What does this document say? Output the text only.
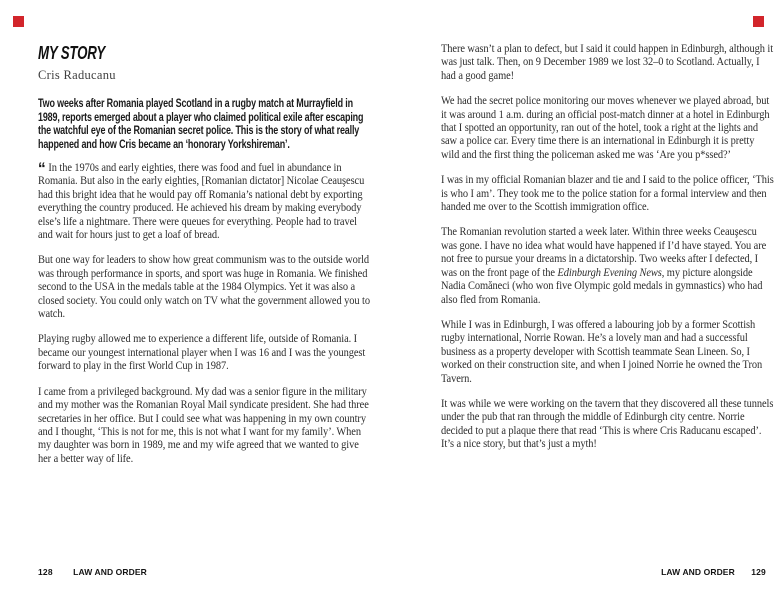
MY STORY
Cris Raducanu

Two weeks after Romania played Scotland in a rugby match at Murrayfield in 1989, reports emerged about a player who claimed political exile after escaping the watchful eye of the Romanian secret police. This is the story of what really happened and how Cris became an ‘honorary Yorkshireman’.

“ In the 1970s and early eighties, there was food and fuel in abundance in Romania. But also in the early eighties, [Romanian dictator] Nicolae Ceauşescu had this bright idea that he would pay off Romania’s national debt by exporting everything the country produced. He achieved his dream by making everybody else’s life a nightmare. There were queues for everything. People had to travel and wait for hours just to get a loaf of bread.

But one way for leaders to show how great communism was to the outside world was through performance in sports, and sport was huge in Romania. We finished second to the USA in the medals table at the 1984 Olympics. Yet it was also a closed society. You could only watch on TV what the government allowed you to watch.

Playing rugby allowed me to experience a different life, outside of Romania. I became our youngest international player when I was 16 and I was the youngest forward to play in the first World Cup in 1987.

I came from a privileged background. My dad was a senior figure in the military and my mother was the Romanian Royal Mail syndicate president. She had three secretaries in her office. But I could see what was happening in my own country and I thought, ‘This is not for me, this is not what I want for my family’. When my daughter was born in 1989, me and my wife agreed that we wanted to give her a better way of life.

There wasn’t a plan to defect, but I said it could happen in Edinburgh, although it was just talk. Then, on 9 December 1989 we lost 32–0 to Scotland. Actually, I had a good game!

We had the secret police monitoring our moves whenever we played abroad, but it was around 1 a.m. during an official post-match dinner at a hotel in Edinburgh that I spotted an opportunity, ran out of the hotel, took a right at the lights and saw a police car. Every time there is an international in Edinburgh it is pretty wild and the first thing the policeman asked me was ‘Are you p*ssed?’

I was in my official Romanian blazer and tie and I said to the police officer, ‘This is who I am’. They took me to the police station for a formal interview and then handed me over to the Scottish immigration office.

The Romanian revolution started a week later. Within three weeks Ceauşescu was gone. I have no idea what would have happened if I’d have stayed. You are not free to pursue your dreams in a dictatorship. Two weeks after I defected, I was on the front page of the Edinburgh Evening News, my picture alongside Nadia Comăneci (who won five Olympic gold medals in gymnastics) who had also fled from Romania.

While I was in Edinburgh, I was offered a labouring job by a former Scottish rugby international, Norrie Rowan. He’s a lovely man and had a successful business as a property developer with Scottish teammate Sean Lineen. So, I worked on their construction site, and when I joined Norrie he owned the Tron Tavern.

It was while we were working on the tavern that they discovered all these tunnels under the pub that ran through the middle of Edinburgh city centre. Norrie decided to put a plaque there that read ‘This is where Cris Raducanu escaped’. It’s a nice story, but that’s just a myth!

128 LAW AND ORDER	LAW AND ORDER 129
